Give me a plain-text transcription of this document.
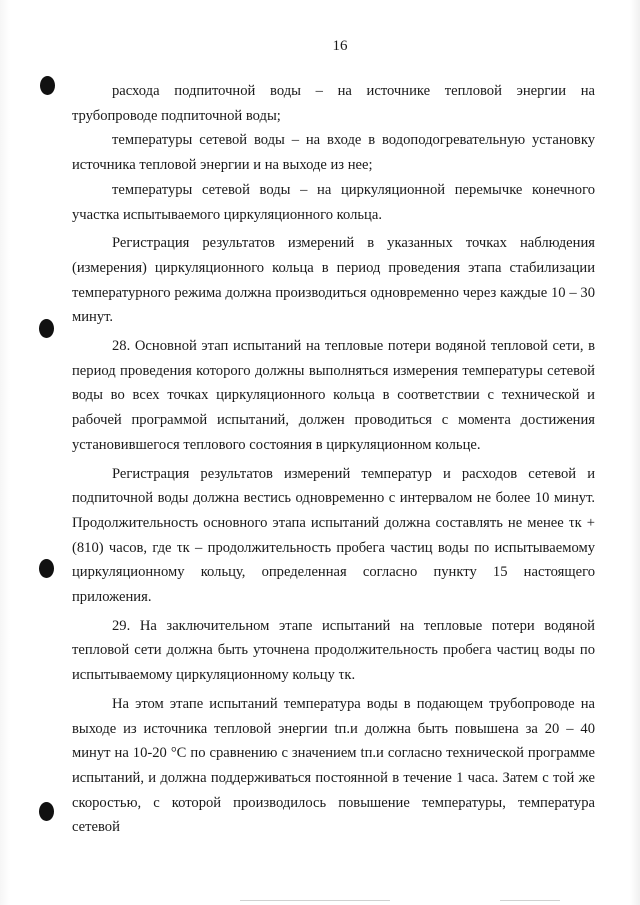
16

расхода подпиточной воды – на источнике тепловой энергии на трубопроводе подпиточной воды;

температуры сетевой воды – на входе в водоподогревательную установку источника тепловой энергии и на выходе из нее;

температуры сетевой воды – на циркуляционной перемычке конечного участка испытываемого циркуляционного кольца.

Регистрация результатов измерений в указанных точках наблюдения (измерения) циркуляционного кольца в период проведения этапа стабилизации температурного режима должна производиться одновременно через каждые 10 – 30 минут.

28. Основной этап испытаний на тепловые потери водяной тепловой сети, в период проведения которого должны выполняться измерения температуры сетевой воды во всех точках циркуляционного кольца в соответствии с технической и рабочей программой испытаний, должен проводиться с момента достижения установившегося теплового состояния в циркуляционном кольце.

Регистрация результатов измерений температур и расходов сетевой и подпиточной воды должна вестись одновременно с интервалом не более 10 минут. Продолжительность основного этапа испытаний должна составлять не менее τк + (810) часов, где τк – продолжительность пробега частиц воды по испытываемому циркуляционному кольцу, определенная согласно пункту 15 настоящего приложения.

29. На заключительном этапе испытаний на тепловые потери водяной тепловой сети должна быть уточнена продолжительность пробега частиц воды по испытываемому циркуляционному кольцу τк.

На этом этапе испытаний температура воды в подающем трубопроводе на выходе из источника тепловой энергии tп.и должна быть повышена за 20 – 40 минут на 10-20 °С по сравнению с значением tп.и согласно технической программе испытаний, и должна поддерживаться постоянной в течение 1 часа. Затем с той же скоростью, с которой производилось повышение температуры, температура сетевой
